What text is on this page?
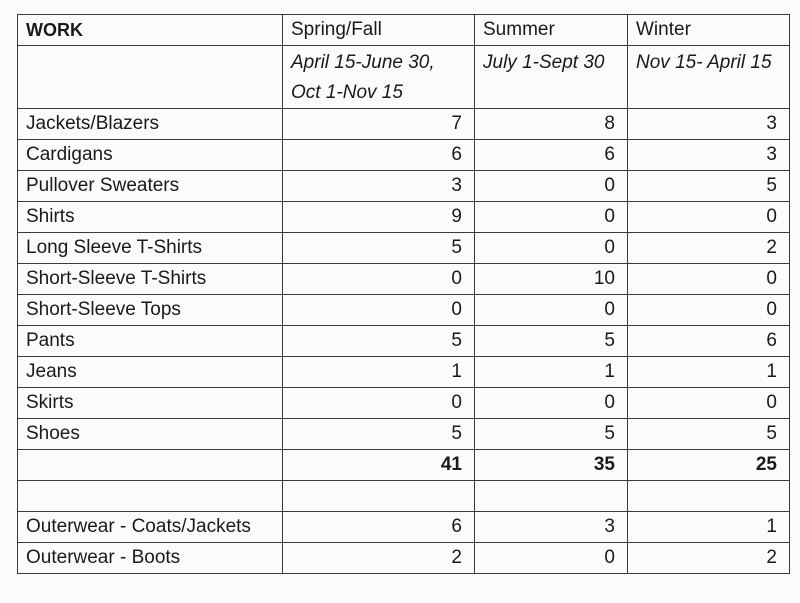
WORK	Spring/Fall	Summer	Winter
	April 15-June 30, Oct 1-Nov 15	July 1-Sept 30	Nov 15- April 15
Jackets/Blazers	7	8	3
Cardigans	6	6	3
Pullover Sweaters	3	0	5
Shirts	9	0	0
Long Sleeve T-Shirts	5	0	2
Short-Sleeve T-Shirts	0	10	0
Short-Sleeve Tops	0	0	0
Pants	5	5	6
Jeans	1	1	1
Skirts	0	0	0
Shoes	5	5	5
	41	35	25

Outerwear - Coats/Jackets	6	3	1
Outerwear - Boots	2	0	2
